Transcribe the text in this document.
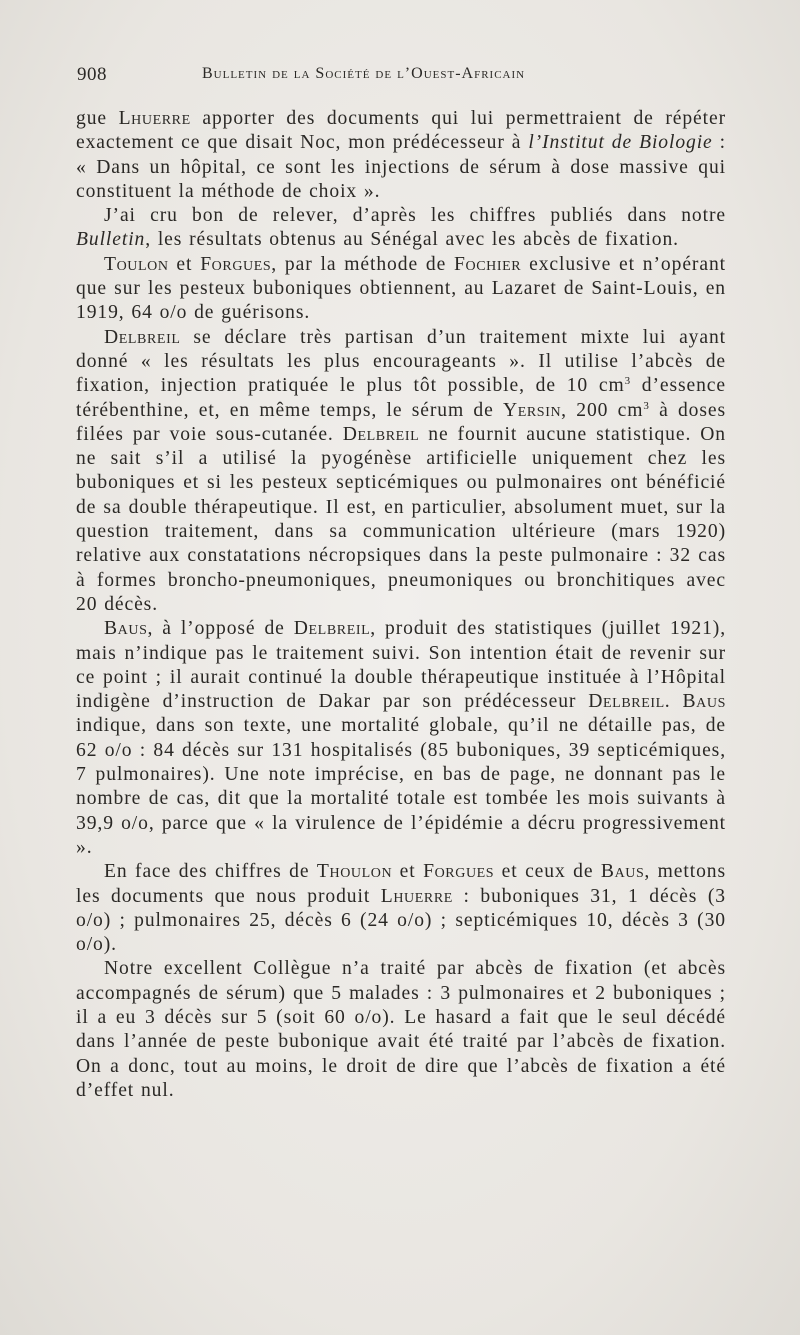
908	Bulletin de la Société de l’Ouest-Africain

gue Lhuerre apporter des documents qui lui permettraient de répéter exactement ce que disait Noc, mon prédécesseur à l’Institut de Biologie : « Dans un hôpital, ce sont les injections de sérum à dose massive qui constituent la méthode de choix ».

J’ai cru bon de relever, d’après les chiffres publiés dans notre Bulletin, les résultats obtenus au Sénégal avec les abcès de fixation.

Toulon et Forgues, par la méthode de Fochier exclusive et n’opérant que sur les pesteux buboniques obtiennent, au Lazaret de Saint-Louis, en 1919, 64 o/o de guérisons.

Delbreil se déclare très partisan d’un traitement mixte lui ayant donné « les résultats les plus encourageants ». Il utilise l’abcès de fixation, injection pratiquée le plus tôt possible, de 10 $cm^3$ d’essence térébenthine, et, en même temps, le sérum de Yersin, 200 $cm^3$ à doses filées par voie sous-cutanée. Delbreil ne fournit aucune statistique. On ne sait s’il a utilisé la pyogénèse artificielle uniquement chez les buboniques et si les pesteux septicémiques ou pulmonaires ont bénéficié de sa double thérapeutique. Il est, en particulier, absolument muet, sur la question traitement, dans sa communication ultérieure (mars 1920) relative aux constatations nécropsiques dans la peste pulmonaire : 32 cas à formes broncho-pneumoniques, pneumoniques ou bronchitiques avec 20 décès.

Baus, à l’opposé de Delbreil, produit des statistiques (juillet 1921), mais n’indique pas le traitement suivi. Son intention était de revenir sur ce point ; il aurait continué la double thérapeutique instituée à l’Hôpital indigène d’instruction de Dakar par son prédécesseur Delbreil. Baus indique, dans son texte, une mortalité globale, qu’il ne détaille pas, de 62 o/o : 84 décès sur 131 hospitalisés (85 buboniques, 39 septicémiques, 7 pulmonaires). Une note imprécise, en bas de page, ne donnant pas le nombre de cas, dit que la mortalité totale est tombée les mois suivants à 39,9 o/o, parce que « la virulence de l’épidémie a décru progressivement ».

En face des chiffres de Thoulon et Forgues et ceux de Baus, mettons les documents que nous produit Lhuerre : buboniques 31, 1 décès (3 o/o) ; pulmonaires 25, décès 6 (24 o/o) ; septicémiques 10, décès 3 (30 o/o).

Notre excellent Collègue n’a traité par abcès de fixation (et abcès accompagnés de sérum) que 5 malades : 3 pulmonaires et 2 buboniques ; il a eu 3 décès sur 5 (soit 60 o/o). Le hasard a fait que le seul décédé dans l’année de peste bubonique avait été traité par l’abcès de fixation. On a donc, tout au moins, le droit de dire que l’abcès de fixation a été d’effet nul.
